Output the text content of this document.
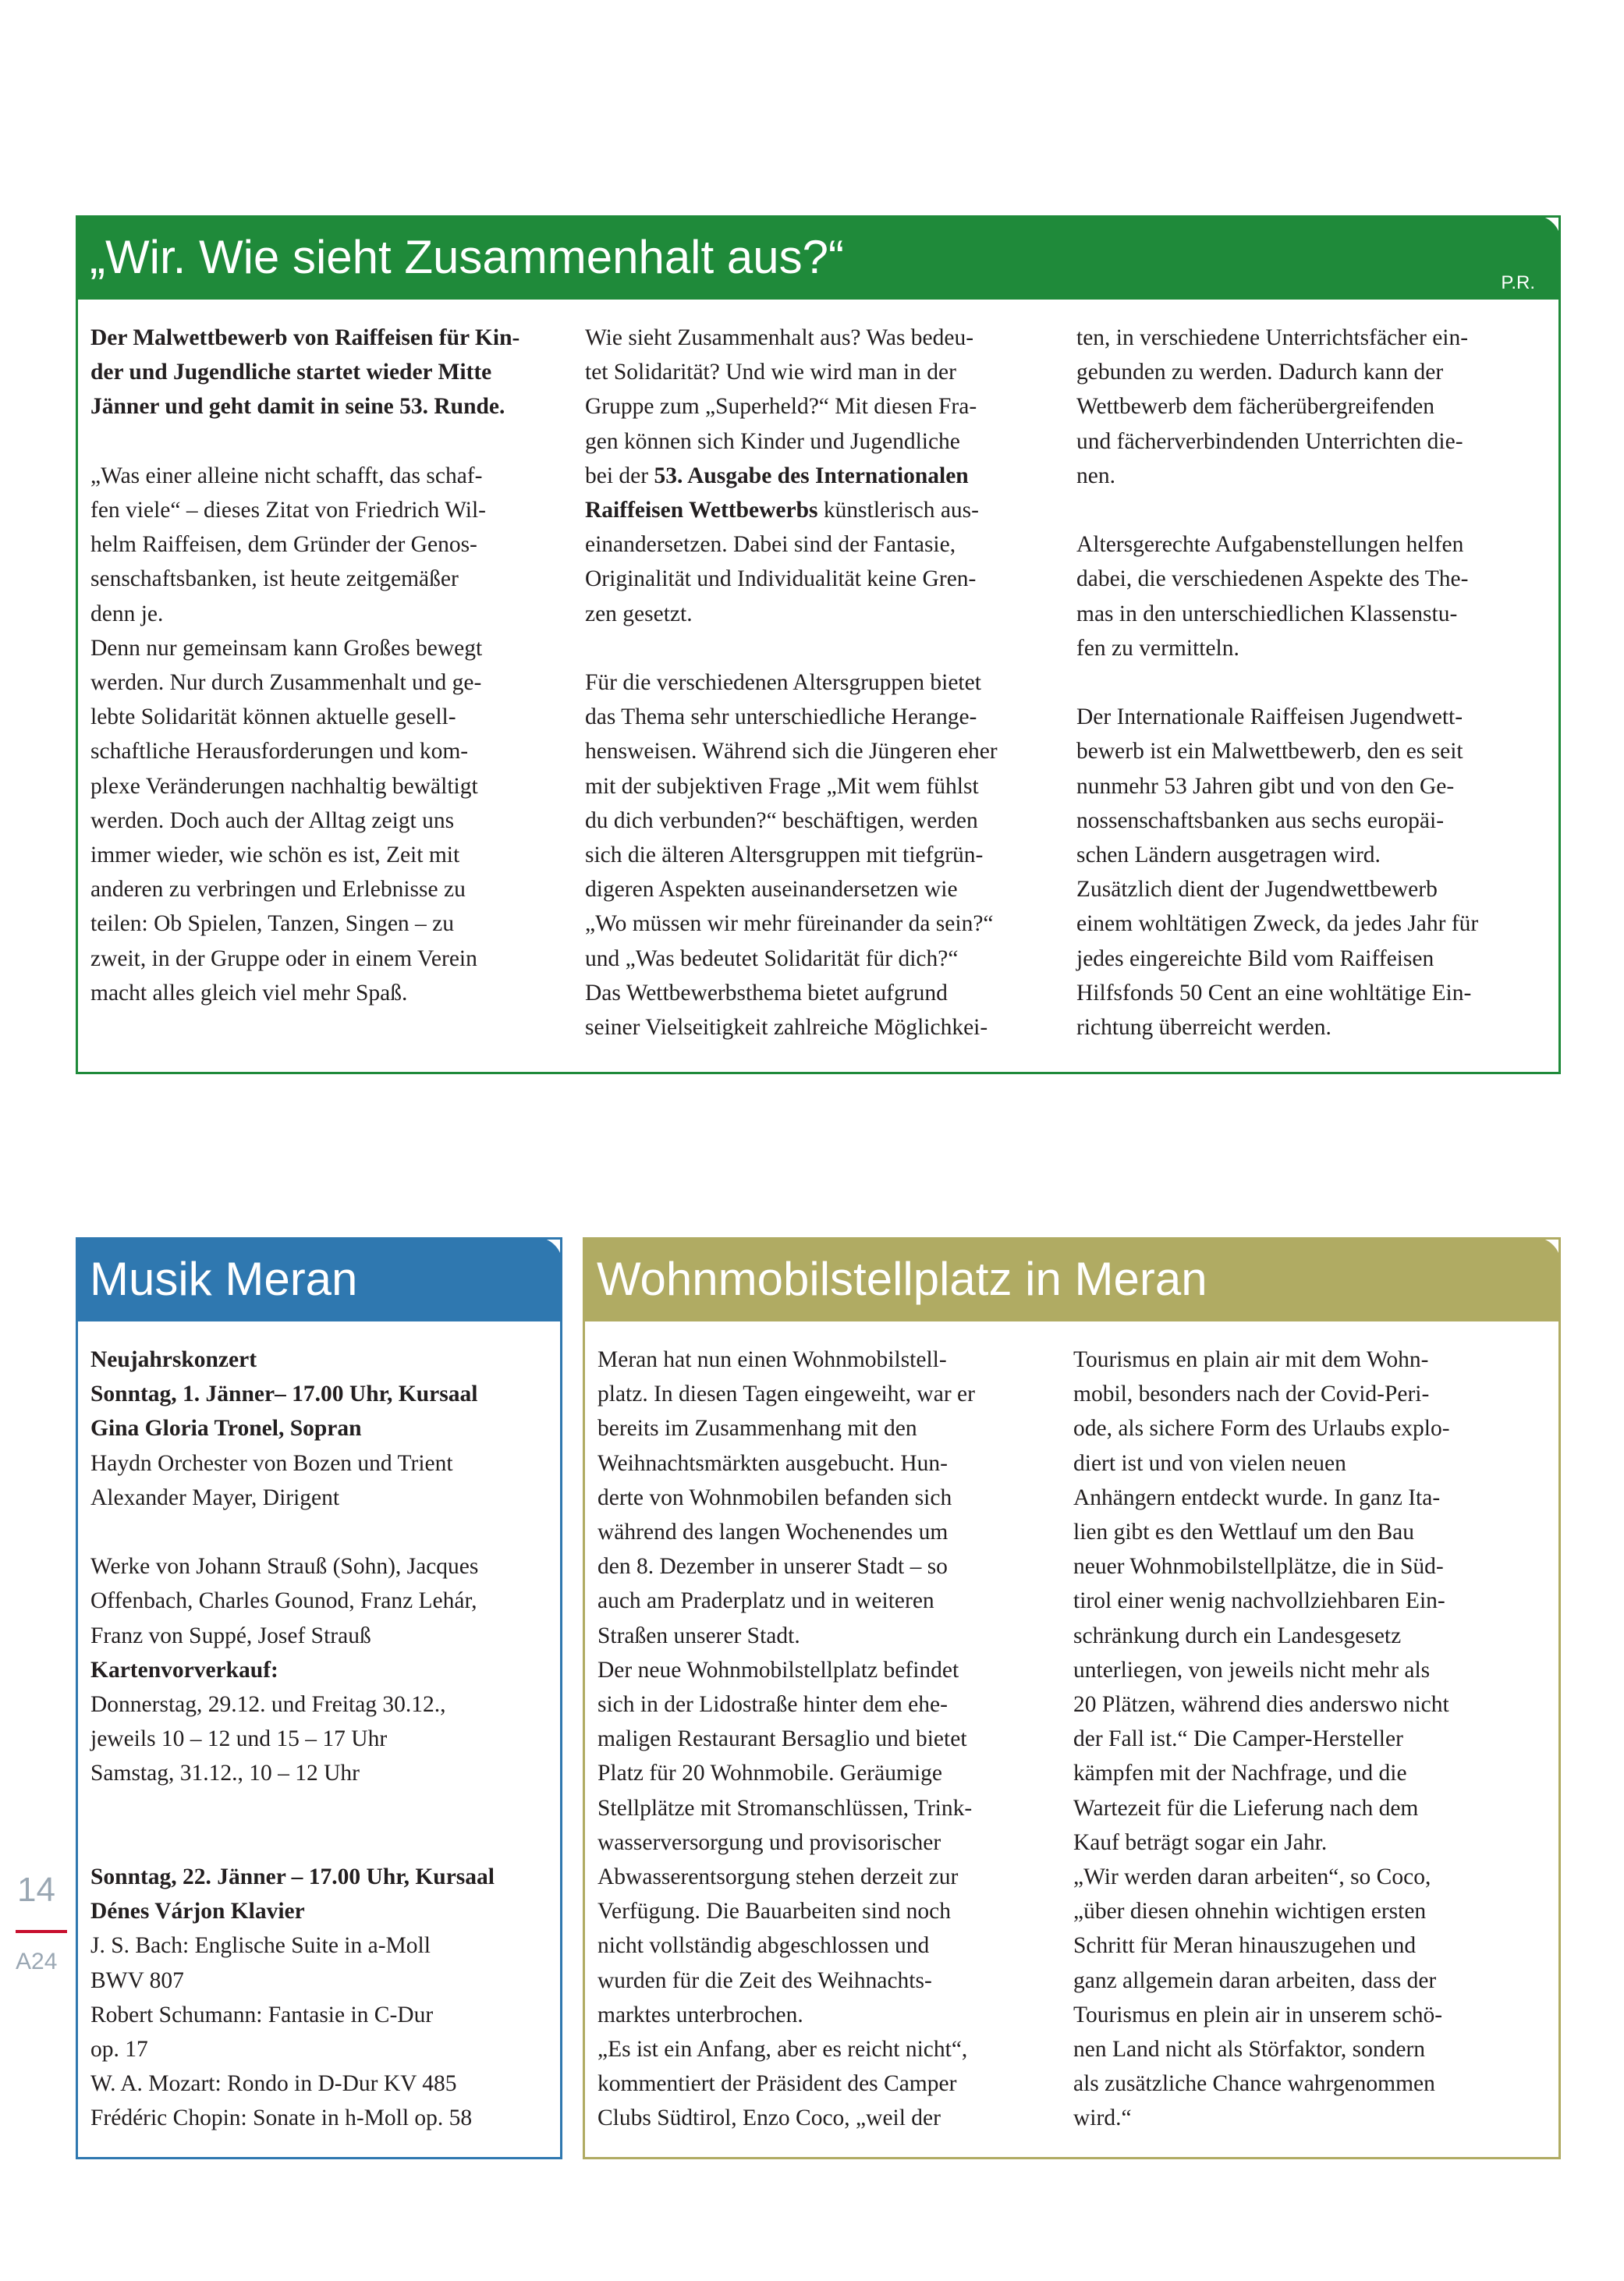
„Wir. Wie sieht Zusammenhalt aus?“	P.R.
Der Malwettbewerb von Raiffeisen für Kin-
der und Jugendliche startet wieder Mitte
Jänner und geht damit in seine 53. Runde.
„Was einer alleine nicht schafft, das schaf-
fen viele“ – dieses Zitat von Friedrich Wil-
helm Raiffeisen, dem Gründer der Genos-
senschaftsbanken, ist heute zeitgemäßer
denn je.
Denn nur gemeinsam kann Großes bewegt
werden. Nur durch Zusammenhalt und ge-
lebte Solidarität können aktuelle gesell-
schaftliche Herausforderungen und kom-
plexe Veränderungen nachhaltig bewältigt
werden. Doch auch der Alltag zeigt uns
immer wieder, wie schön es ist, Zeit mit
anderen zu verbringen und Erlebnisse zu
teilen: Ob Spielen, Tanzen, Singen – zu
zweit, in der Gruppe oder in einem Verein
macht alles gleich viel mehr Spaß.
Wie sieht Zusammenhalt aus? Was bedeu-
tet Solidarität? Und wie wird man in der
Gruppe zum „Superheld?“ Mit diesen Fra-
gen können sich Kinder und Jugendliche
bei der 53. Ausgabe des Internationalen
Raiffeisen Wettbewerbs künstlerisch aus-
einandersetzen. Dabei sind der Fantasie,
Originalität und Individualität keine Gren-
zen gesetzt.
Für die verschiedenen Altersgruppen bietet
das Thema sehr unterschiedliche Herange-
hensweisen. Während sich die Jüngeren eher
mit der subjektiven Frage „Mit wem fühlst
du dich verbunden?“ beschäftigen, werden
sich die älteren Altersgruppen mit tiefgrün-
digeren Aspekten auseinandersetzen wie
„Wo müssen wir mehr füreinander da sein?“
und „Was bedeutet Solidarität für dich?“
Das Wettbewerbsthema bietet aufgrund
seiner Vielseitigkeit zahlreiche Möglichkei-
ten, in verschiedene Unterrichtsfächer ein-
gebunden zu werden. Dadurch kann der
Wettbewerb dem fächerübergreifenden
und fächerverbindenden Unterrichten die-
nen.
Altersgerechte Aufgabenstellungen helfen
dabei, die verschiedenen Aspekte des The-
mas in den unterschiedlichen Klassenstu-
fen zu vermitteln.
Der Internationale Raiffeisen Jugendwett-
bewerb ist ein Malwettbewerb, den es seit
nunmehr 53 Jahren gibt und von den Ge-
nossenschaftsbanken aus sechs europäi-
schen Ländern ausgetragen wird.
Zusätzlich dient der Jugendwettbewerb
einem wohltätigen Zweck, da jedes Jahr für
jedes eingereichte Bild vom Raiffeisen
Hilfsfonds 50 Cent an eine wohltätige Ein-
richtung überreicht werden.
Musik Meran
Neujahrskonzert
Sonntag, 1. Jänner– 17.00 Uhr, Kursaal
Gina Gloria Tronel, Sopran
Haydn Orchester von Bozen und Trient
Alexander Mayer, Dirigent
Werke von Johann Strauß (Sohn), Jacques
Offenbach, Charles Gounod, Franz Lehár,
Franz von Suppé, Josef Strauß
Kartenvorverkauf:
Donnerstag, 29.12. und Freitag 30.12.,
jeweils 10 – 12 und 15 – 17 Uhr
Samstag, 31.12., 10 – 12 Uhr
Sonntag, 22. Jänner – 17.00 Uhr, Kursaal
Dénes Várjon Klavier
J. S. Bach: Englische Suite in a-Moll
BWV 807
Robert Schumann: Fantasie in C-Dur
op. 17
W. A. Mozart: Rondo in D-Dur KV 485
Frédéric Chopin: Sonate in h-Moll op. 58
Wohnmobilstellplatz in Meran
Meran hat nun einen Wohnmobilstell-
platz. In diesen Tagen eingeweiht, war er
bereits im Zusammenhang mit den
Weihnachtsmärkten ausgebucht. Hun-
derte von Wohnmobilen befanden sich
während des langen Wochenendes um
den 8. Dezember in unserer Stadt – so
auch am Praderplatz und in weiteren
Straßen unserer Stadt.
Der neue Wohnmobilstellplatz befindet
sich in der Lidostraße hinter dem ehe-
maligen Restaurant Bersaglio und bietet
Platz für 20 Wohnmobile. Geräumige
Stellplätze mit Stromanschlüssen, Trink-
wasserversorgung und provisorischer
Abwasserentsorgung stehen derzeit zur
Verfügung. Die Bauarbeiten sind noch
nicht vollständig abgeschlossen und
wurden für die Zeit des Weihnachts-
marktes unterbrochen.
„Es ist ein Anfang, aber es reicht nicht“,
kommentiert der Präsident des Camper
Clubs Südtirol, Enzo Coco, „weil der
Tourismus en plain air mit dem Wohn-
mobil, besonders nach der Covid-Peri-
ode, als sichere Form des Urlaubs explo-
diert ist und von vielen neuen
Anhängern entdeckt wurde. In ganz Ita-
lien gibt es den Wettlauf um den Bau
neuer Wohnmobilstellplätze, die in Süd-
tirol einer wenig nachvollziehbaren Ein-
schränkung durch ein Landesgesetz
unterliegen, von jeweils nicht mehr als
20 Plätzen, während dies anderswo nicht
der Fall ist.“ Die Camper-Hersteller
kämpfen mit der Nachfrage, und die
Wartezeit für die Lieferung nach dem
Kauf beträgt sogar ein Jahr.
„Wir werden daran arbeiten“, so Coco,
„über diesen ohnehin wichtigen ersten
Schritt für Meran hinauszugehen und
ganz allgemein daran arbeiten, dass der
Tourismus en plein air in unserem schö-
nen Land nicht als Störfaktor, sondern
als zusätzliche Chance wahrgenommen
wird.“
14
A24
